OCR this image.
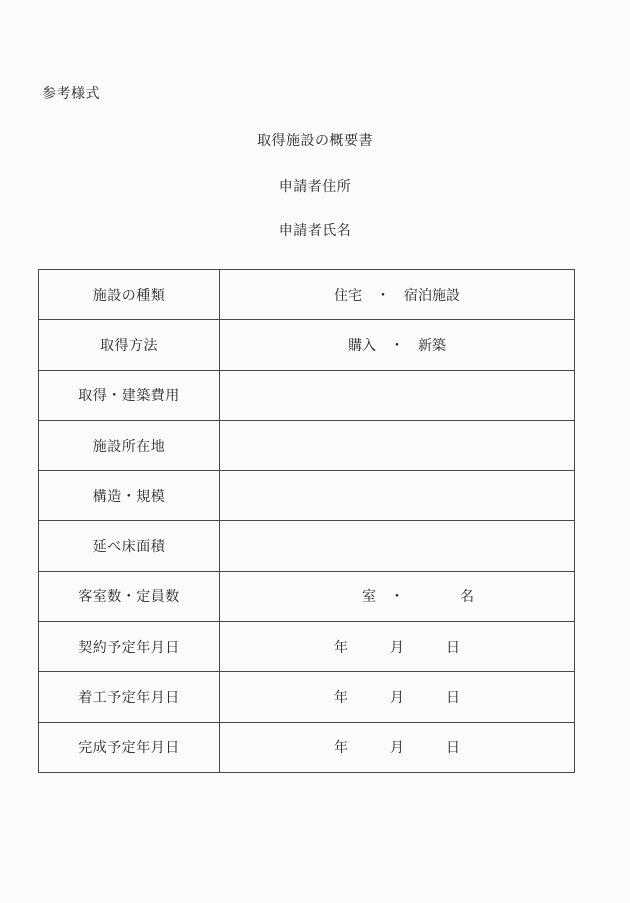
参考様式
取得施設の概要書
申請者住所
申請者氏名
施設の種類	住宅　・　宿泊施設
取得方法	購入　・　新築
取得・建築費用	
施設所在地	
構造・規模	
延べ床面積	
客室数・定員数	　　　室　・　　　　名
契約予定年月日	年　　　月　　　日
着工予定年月日	年　　　月　　　日
完成予定年月日	年　　　月　　　日
